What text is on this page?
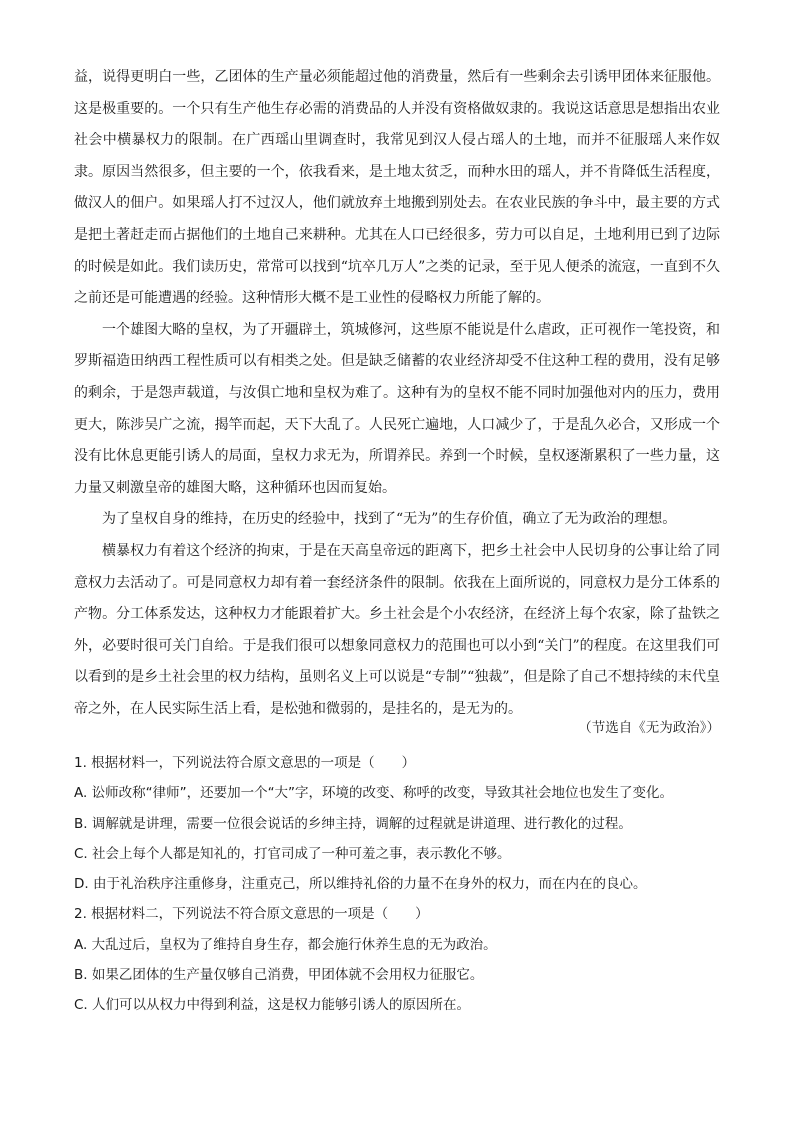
益，说得更明白一些，乙团体的生产量必须能超过他的消费量，然后有一些剩余去引诱甲团体来征服他。这是极重要的。一个只有生产他生存必需的消费品的人并没有资格做奴隶的。我说这话意思是想指出农业社会中横暴权力的限制。在广西瑶山里调查时，我常见到汉人侵占瑶人的土地，而并不征服瑶人来作奴隶。原因当然很多，但主要的一个，依我看来，是土地太贫乏，而种水田的瑶人，并不肯降低生活程度，做汉人的佃户。如果瑶人打不过汉人，他们就放弃土地搬到别处去。在农业民族的争斗中，最主要的方式是把土著赶走而占据他们的土地自己来耕种。尤其在人口已经很多，劳力可以自足，土地利用已到了边际的时候是如此。我们读历史，常常可以找到“坑卒几万人”之类的记录，至于见人便杀的流寇，一直到不久之前还是可能遭遇的经验。这种情形大概不是工业性的侵略权力所能了解的。

一个雄图大略的皇权，为了开疆辟土，筑城修河，这些原不能说是什么虐政，正可视作一笔投资，和罗斯福造田纳西工程性质可以有相类之处。但是缺乏储蓄的农业经济却受不住这种工程的费用，没有足够的剩余，于是怨声载道，与汝俱亡地和皇权为难了。这种有为的皇权不能不同时加强他对内的压力，费用更大，陈涉吴广之流，揭竿而起，天下大乱了。人民死亡遍地，人口减少了，于是乱久必合，又形成一个没有比休息更能引诱人的局面，皇权力求无为，所谓养民。养到一个时候，皇权逐渐累积了一些力量，这力量又刺激皇帝的雄图大略，这种循环也因而复始。

为了皇权自身的维持，在历史的经验中，找到了“无为”的生存价值，确立了无为政治的理想。

横暴权力有着这个经济的拘束，于是在天高皇帝远的距离下，把乡土社会中人民切身的公事让给了同意权力去活动了。可是同意权力却有着一套经济条件的限制。依我在上面所说的，同意权力是分工体系的产物。分工体系发达，这种权力才能跟着扩大。乡土社会是个小农经济，在经济上每个农家，除了盐铁之外，必要时很可关门自给。于是我们很可以想象同意权力的范围也可以小到“关门”的程度。在这里我们可以看到的是乡土社会里的权力结构，虽则名义上可以说是“专制”“独裁”，但是除了自己不想持续的末代皇帝之外，在人民实际生活上看，是松弛和微弱的，是挂名的，是无为的。

（节选自《无为政治》）
1. 根据材料一，下列说法符合原文意思的一项是（　　）
A. 讼师改称“律师”，还要加一个“大”字，环境的改变、称呼的改变，导致其社会地位也发生了变化。
B. 调解就是讲理，需要一位很会说话的乡绅主持，调解的过程就是讲道理、进行教化的过程。
C. 社会上每个人都是知礼的，打官司成了一种可羞之事，表示教化不够。
D. 由于礼治秩序注重修身，注重克己，所以维持礼俗的力量不在身外的权力，而在内在的良心。
2. 根据材料二，下列说法不符合原文意思的一项是（　　）
A. 大乱过后，皇权为了维持自身生存，都会施行休养生息的无为政治。
B. 如果乙团体的生产量仅够自己消费，甲团体就不会用权力征服它。
C. 人们可以从权力中得到利益，这是权力能够引诱人的原因所在。
